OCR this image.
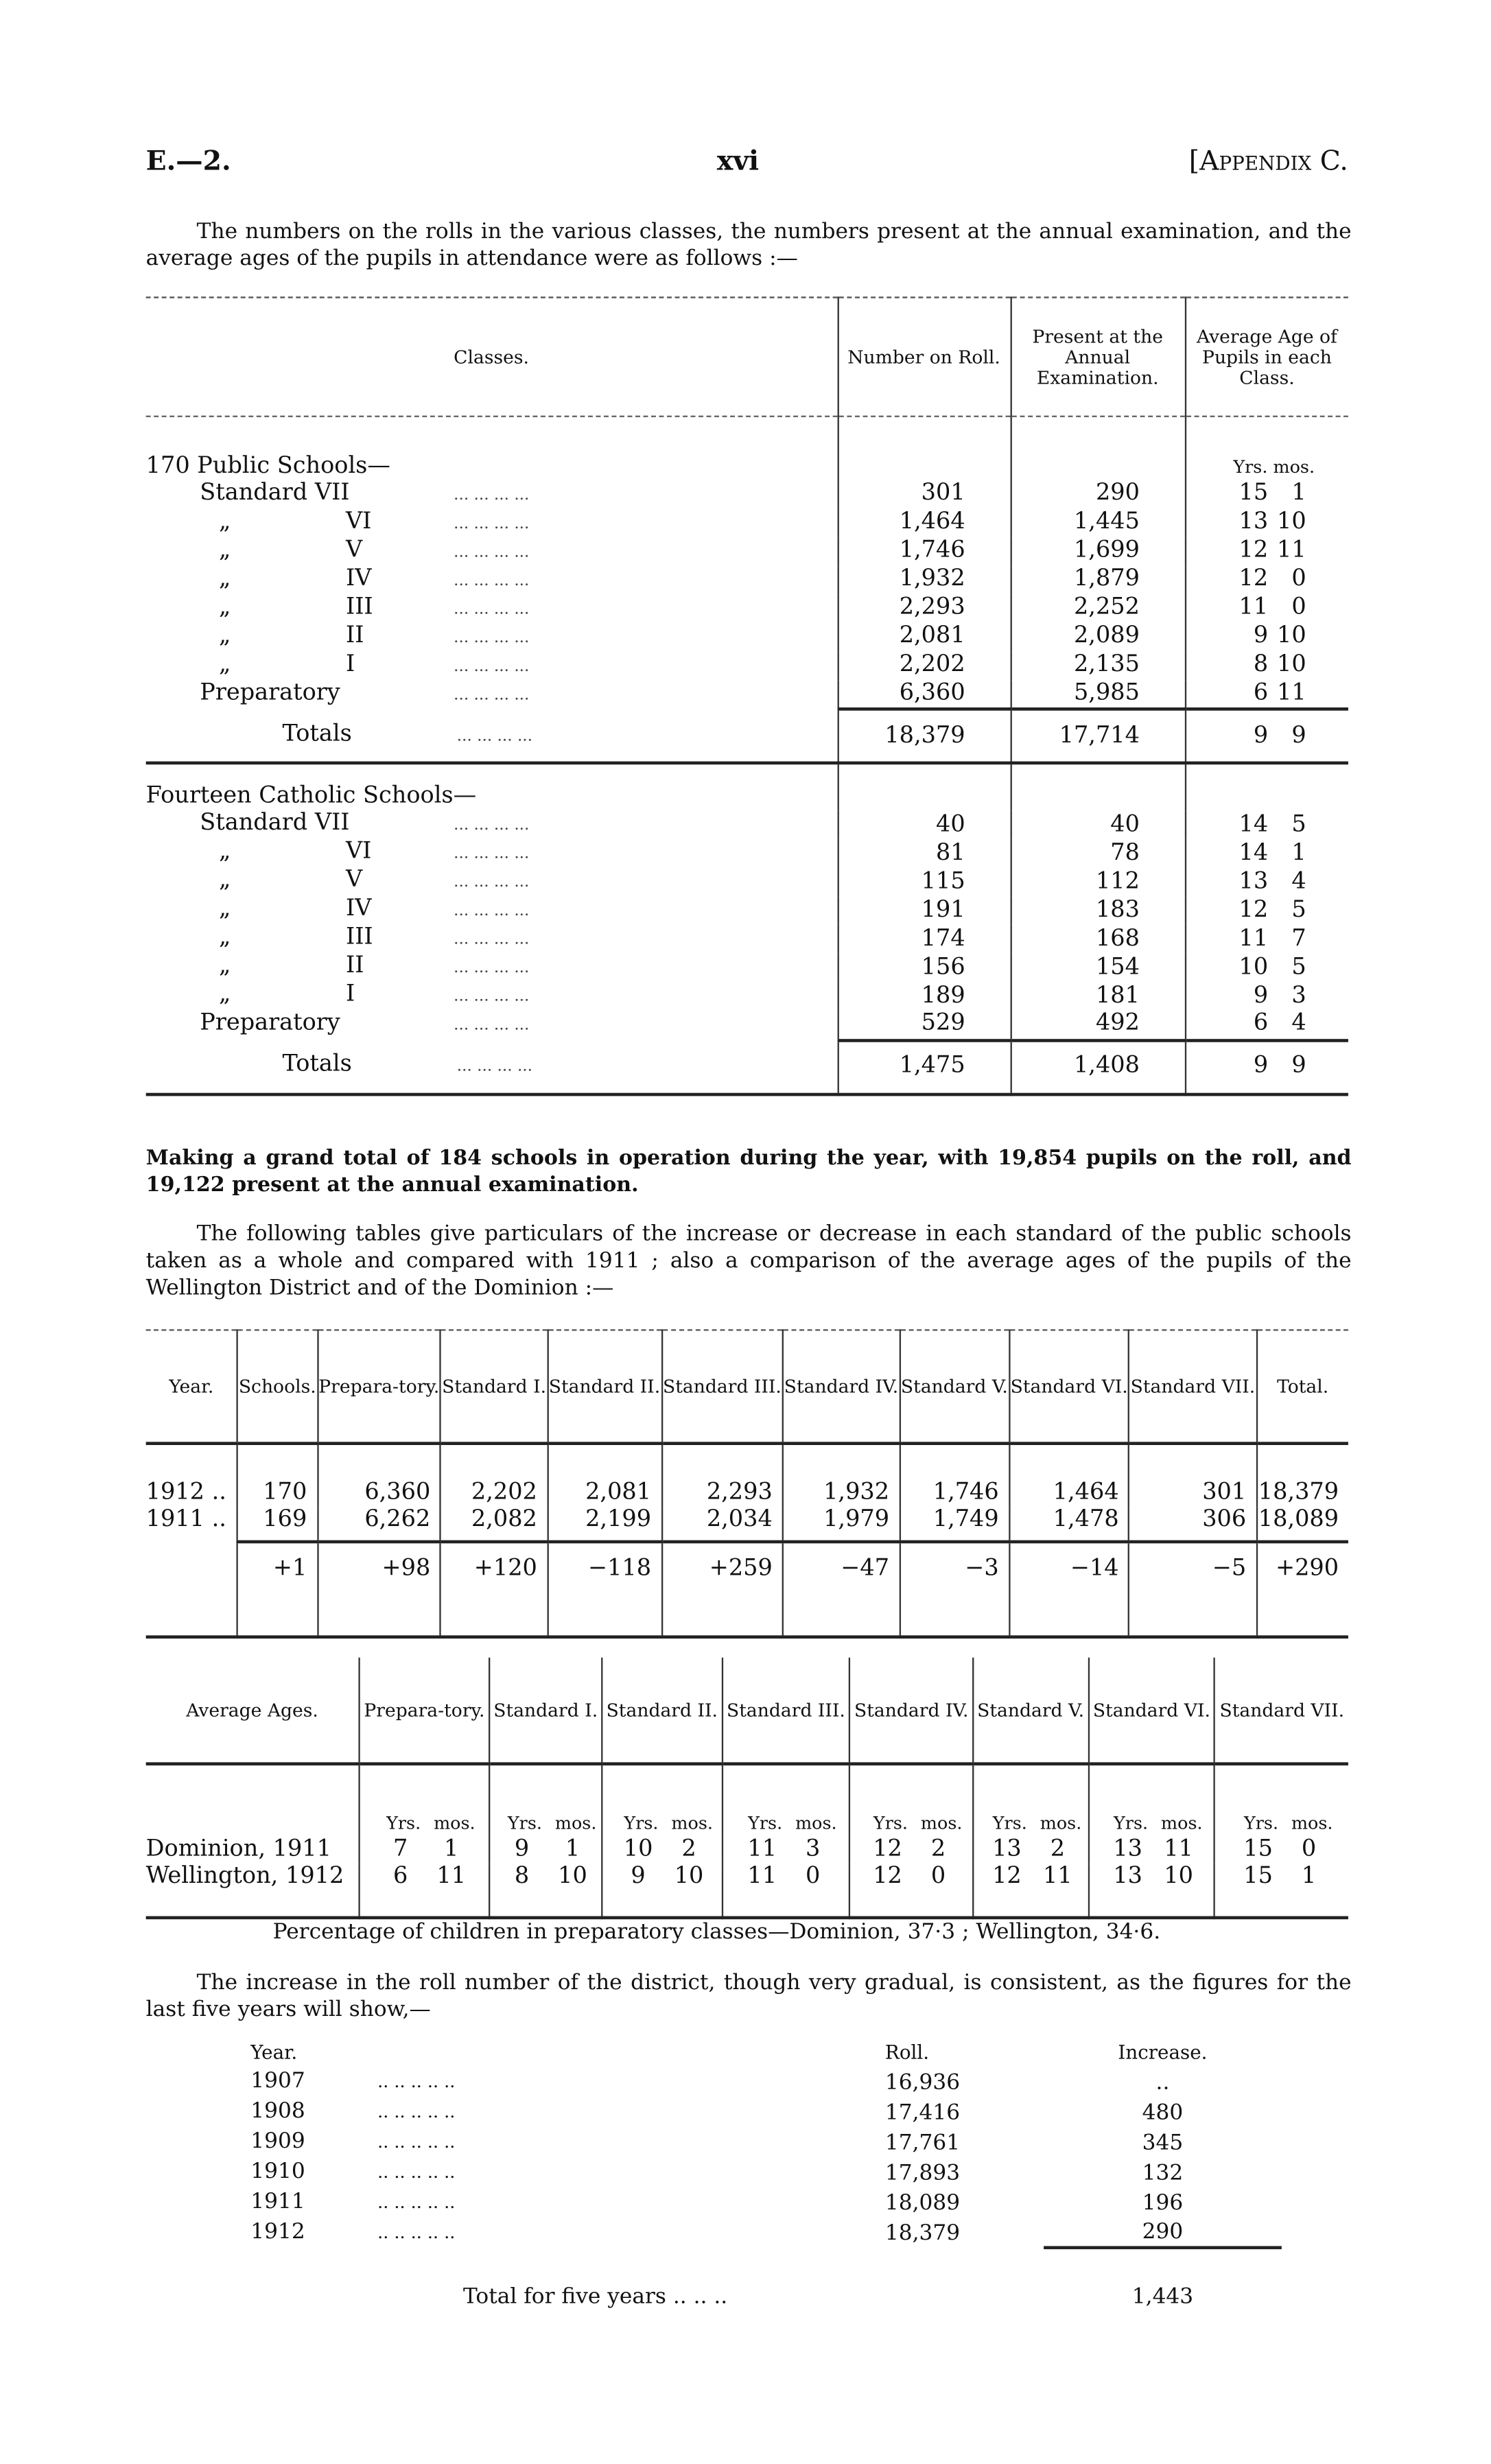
E.—2.	xvi	[Appendix C.
The numbers on the rolls in the various classes, the numbers present at the annual examination, and the average ages of the pupils in attendance were as follows :—
Classes.	Number on Roll.	Present at the Annual Examination.	Average Age of Pupils in each Class.
170 Public Schools—			Yrs. mos.
Standard VII ... ... ... ...	301	290	15 1
„ VI ... ... ... ...	1,464	1,445	13 10
„ V ... ... ... ...	1,746	1,699	12 11
„ IV ... ... ... ...	1,932	1,879	12 0
„ III ... ... ... ...	2,293	2,252	11 0
„ II ... ... ... ...	2,081	2,089	9 10
„ I ... ... ... ...	2,202	2,135	8 10
Preparatory ... ... ... ...	6,360	5,985	6 11
Totals ... ... ... ...	18,379	17,714	9 9
Fourteen Catholic Schools—			
Standard VII ... ... ... ...	40	40	14 5
„ VI ... ... ... ...	81	78	14 1
„ V ... ... ... ...	115	112	13 4
„ IV ... ... ... ...	191	183	12 5
„ III ... ... ... ...	174	168	11 7
„ II ... ... ... ...	156	154	10 5
„ I ... ... ... ...	189	181	9 3
Preparatory ... ... ... ...	529	492	6 4
Totals ... ... ... ...	1,475	1,408	9 9
Making a grand total of 184 schools in operation during the year, with 19,854 pupils on the roll, and 19,122 present at the annual examination.
The following tables give particulars of the increase or decrease in each standard of the public schools taken as a whole and compared with 1911 ; also a comparison of the average ages of the pupils of the Wellington District and of the Dominion :—
Year.	Schools.	Prepara-tory.	Standard I.	Standard II.	Standard III.	Standard IV.	Standard V.	Standard VI.	Standard VII.	Total.
1912 ..	170	6,360	2,202	2,081	2,293	1,932	1,746	1,464	301	18,379
1911 ..	169	6,262	2,082	2,199	2,034	1,979	1,749	1,478	306	18,089
	+1	+98	+120	−118	+259	−47	−3	−14	−5	+290
Average Ages.	Prepara-tory.	Standard I.	Standard II.	Standard III.	Standard IV.	Standard V.	Standard VI.	Standard VII.
	Yrs. mos.	Yrs. mos.	Yrs. mos.	Yrs. mos.	Yrs. mos.	Yrs. mos.	Yrs. mos.	Yrs. mos.
Dominion, 1911	7 1	9 1	10 2	11 3	12 2	13 2	13 11	15 0
Wellington, 1912	6 11	8 10	9 10	11 0	12 0	12 11	13 10	15 1
Percentage of children in preparatory classes—Dominion, 37·3 ; Wellington, 34·6.
The increase in the roll number of the district, though very gradual, is consistent, as the figures for the last five years will show,—
Year.	Roll.	Increase.
1907 .. .. .. .. ..	16,936	..
1908 .. .. .. .. ..	17,416	480
1909 .. .. .. .. ..	17,761	345
1910 .. .. .. .. ..	17,893	132
1911 .. .. .. .. ..	18,089	196
1912 .. .. .. .. ..	18,379	290
Total for five years .. .. ..		1,443
